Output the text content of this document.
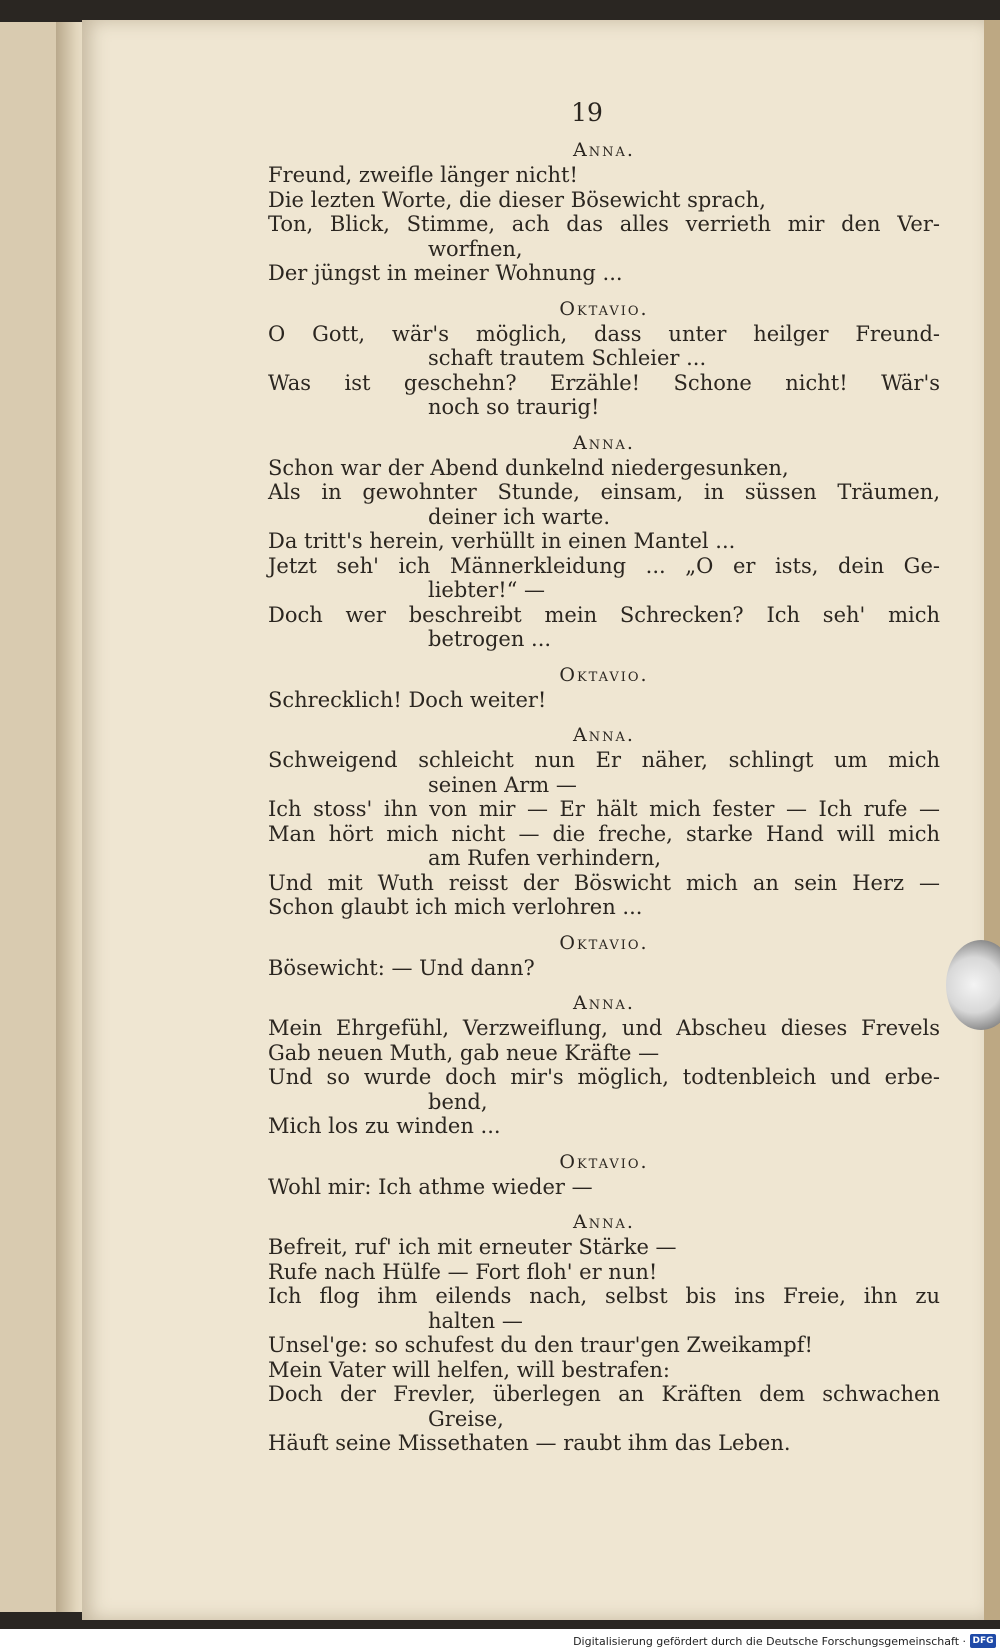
19
Anna.
Freund, zweifle länger nicht!
Die lezten Worte, die dieser Bösewicht sprach,
Ton, Blick, Stimme, ach das alles verrieth mir den Ver-
worfnen,
Der jüngst in meiner Wohnung ...
Oktavio.
O Gott, wär's möglich, dass unter heilger Freund-
schaft trautem Schleier ...
Was ist geschehn? Erzähle! Schone nicht! Wär's
noch so traurig!
Anna.
Schon war der Abend dunkelnd niedergesunken,
Als in gewohnter Stunde, einsam, in süssen Träumen,
deiner ich warte.
Da tritt's herein, verhüllt in einen Mantel ...
Jetzt seh' ich Männerkleidung ... „O er ists, dein Ge-
liebter!“ —
Doch wer beschreibt mein Schrecken? Ich seh' mich
betrogen ...
Oktavio.
Schrecklich! Doch weiter!
Anna.
Schweigend schleicht nun Er näher, schlingt um mich
seinen Arm —
Ich stoss' ihn von mir — Er hält mich fester — Ich rufe —
Man hört mich nicht — die freche, starke Hand will mich
am Rufen verhindern,
Und mit Wuth reisst der Böswicht mich an sein Herz —
Schon glaubt ich mich verlohren ...
Oktavio.
Bösewicht: — Und dann?
Anna.
Mein Ehrgefühl, Verzweiflung, und Abscheu dieses Frevels
Gab neuen Muth, gab neue Kräfte —
Und so wurde doch mir's möglich, todtenbleich und erbe-
bend,
Mich los zu winden ...
Oktavio.
Wohl mir: Ich athme wieder —
Anna.
Befreit, ruf' ich mit erneuter Stärke —
Rufe nach Hülfe — Fort floh' er nun!
Ich flog ihm eilends nach, selbst bis ins Freie, ihn zu
halten —
Unsel'ge: so schufest du den traur'gen Zweikampf!
Mein Vater will helfen, will bestrafen:
Doch der Frevler, überlegen an Kräften dem schwachen
Greise,
Häuft seine Missethaten — raubt ihm das Leben.
Digitalisierung gefördert durch die Deutsche Forschungsgemeinschaft · DFG
